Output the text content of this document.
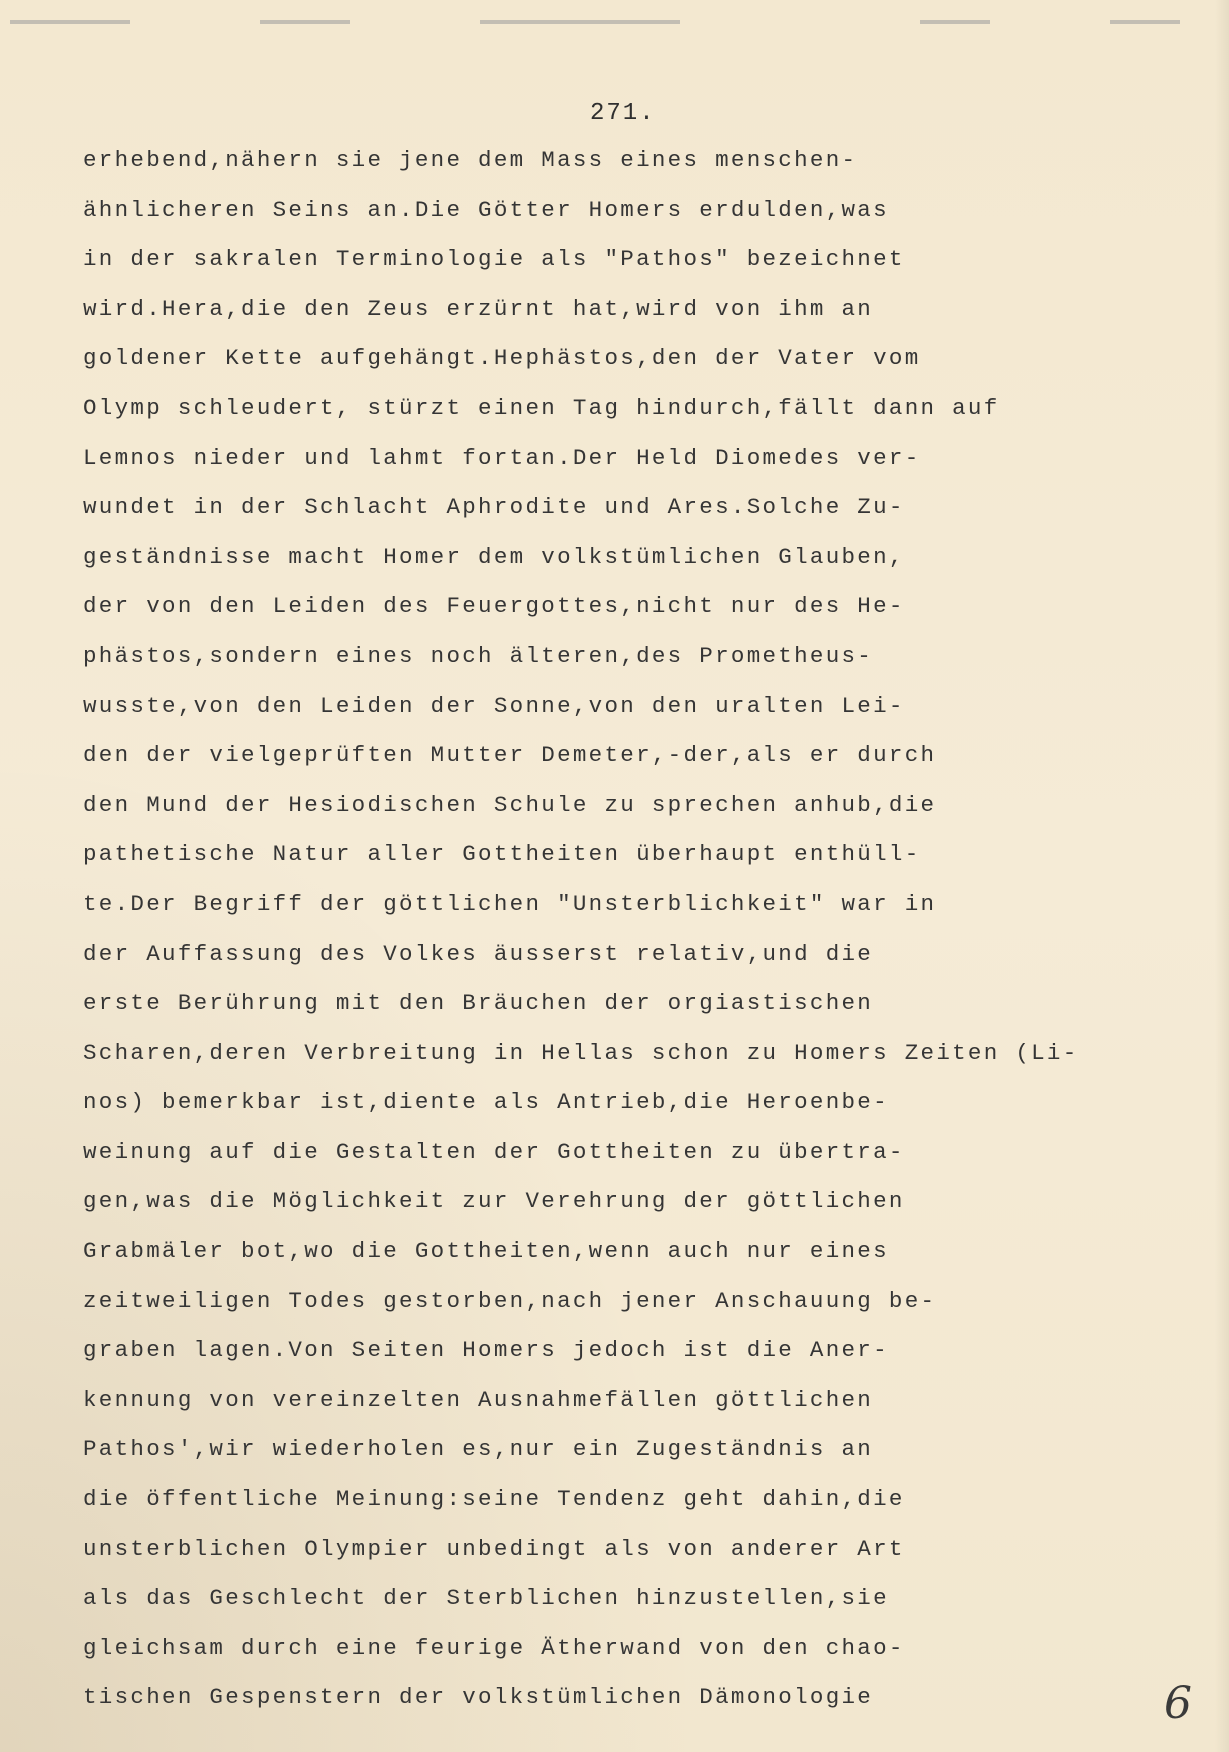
271.
erhebend,nähern sie jene dem Mass eines menschen-
ähnlicheren Seins an.Die Götter Homers erdulden,was
in der sakralen Terminologie als "Pathos" bezeichnet
wird.Hera,die den Zeus erzürnt hat,wird von ihm an
goldener Kette aufgehängt.Hephästos,den der Vater vom
Olymp schleudert, stürzt einen Tag hindurch,fällt dann auf
Lemnos nieder und lahmt fortan.Der Held Diomedes ver-
wundet in der Schlacht Aphrodite und Ares.Solche Zu-
geständnisse macht Homer dem volkstümlichen Glauben,
der von den Leiden des Feuergottes,nicht nur des He-
phästos,sondern eines noch älteren,des Prometheus-
wusste,von den Leiden der Sonne,von den uralten Lei-
den der vielgeprüften Mutter Demeter,-der,als er durch
den Mund der Hesiodischen Schule zu sprechen anhub,die
pathetische Natur aller Gottheiten überhaupt enthüll-
te.Der Begriff der göttlichen "Unsterblichkeit" war in
der Auffassung des Volkes äusserst relativ,und die
erste Berührung mit den Bräuchen der orgiastischen
Scharen,deren Verbreitung in Hellas schon zu Homers Zeiten (Li-
nos) bemerkbar ist,diente als Antrieb,die Heroenbe-
weinung auf die Gestalten der Gottheiten zu übertra-
gen,was die Möglichkeit zur Verehrung der göttlichen
Grabmäler bot,wo die Gottheiten,wenn auch nur eines
zeitweiligen Todes gestorben,nach jener Anschauung be-
graben lagen.Von Seiten Homers jedoch ist die Aner-
kennung von vereinzelten Ausnahmefällen göttlichen
Pathos',wir wiederholen es,nur ein Zugeständnis an
die öffentliche Meinung:seine Tendenz geht dahin,die
unsterblichen Olympier unbedingt als von anderer Art
als das Geschlecht der Sterblichen hinzustellen,sie
gleichsam durch eine feurige Ätherwand von den chao-
tischen Gespenstern der volkstümlichen Dämonologie	6
